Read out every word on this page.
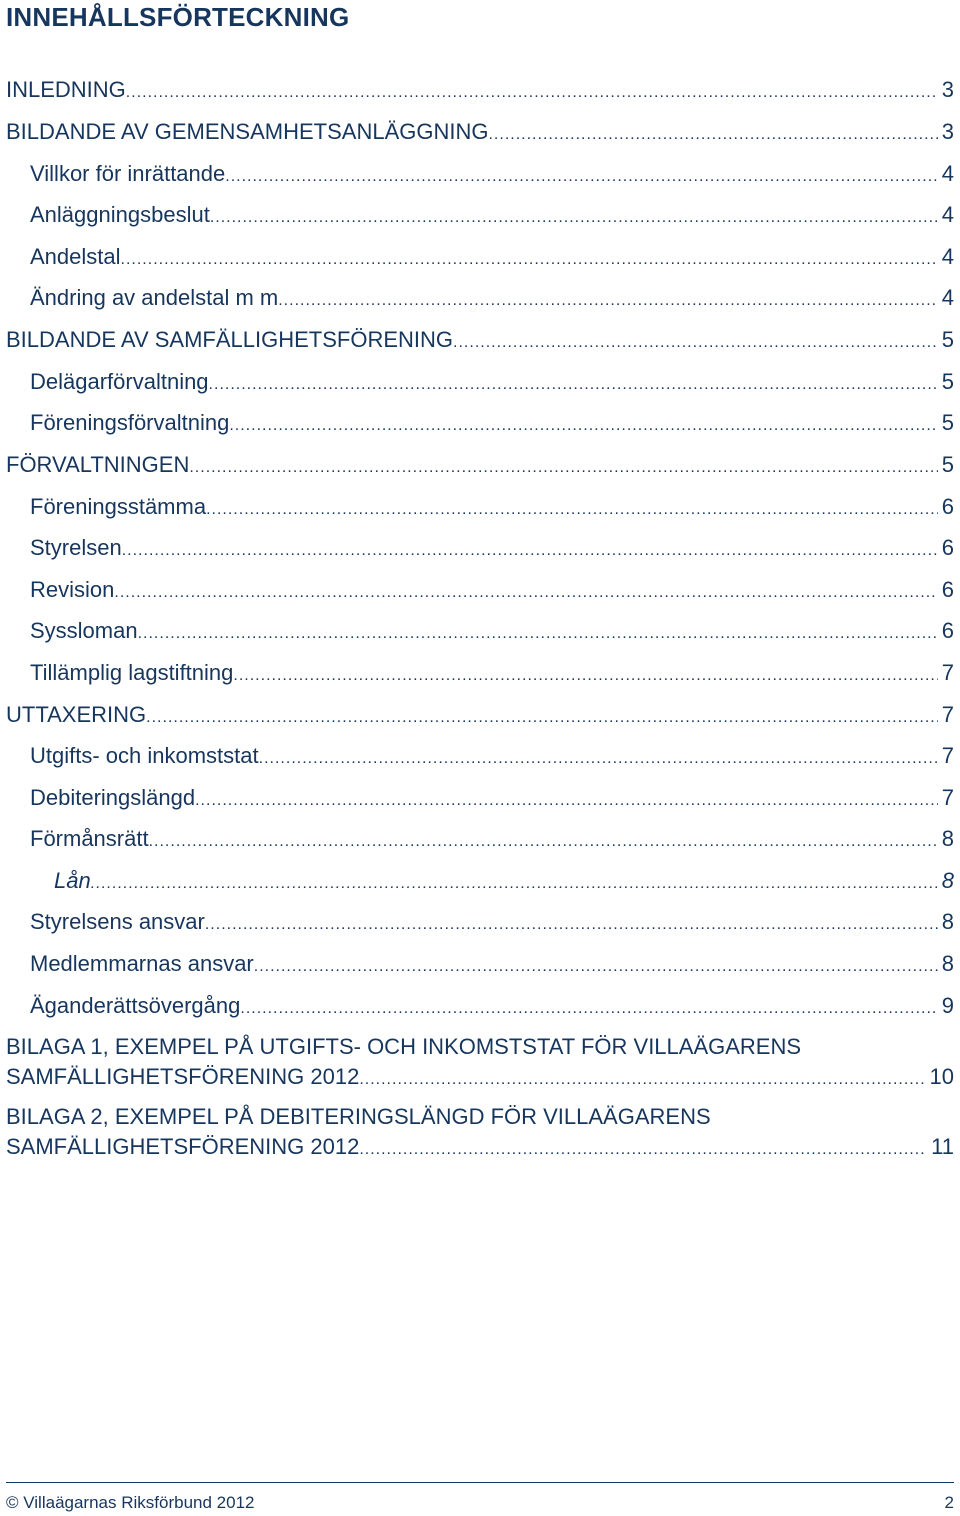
INNEHÅLLSFÖRTECKNING
INLEDNING .....	3
BILDANDE AV GEMENSAMHETSANLÄGGNING .....	3
Villkor för inrättande .....	4
Anläggningsbeslut .....	4
Andelstal .....	4
Ändring av andelstal m m .....	4
BILDANDE AV SAMFÄLLIGHETSFÖRENING .....	5
Delägarförvaltning .....	5
Föreningsförvaltning .....	5
FÖRVALTNINGEN .....	5
Föreningsstämma .....	6
Styrelsen .....	6
Revision .....	6
Syssloman .....	6
Tillämplig lagstiftning .....	7
UTTAXERING .....	7
Utgifts- och inkomststat .....	7
Debiteringslängd .....	7
Förmånsrätt .....	8
Lån .....	8
Styrelsens ansvar .....	8
Medlemmarnas ansvar .....	8
Äganderättsövergång .....	9
BILAGA 1, EXEMPEL PÅ UTGIFTS- OCH INKOMSTSTAT FÖR VILLAÄGARENS
SAMFÄLLIGHETSFÖRENING 2012 .....	10
BILAGA 2, EXEMPEL PÅ DEBITERINGSLÄNGD FÖR VILLAÄGARENS
SAMFÄLLIGHETSFÖRENING 2012 .....	11
© Villaägarnas Riksförbund 2012	2
